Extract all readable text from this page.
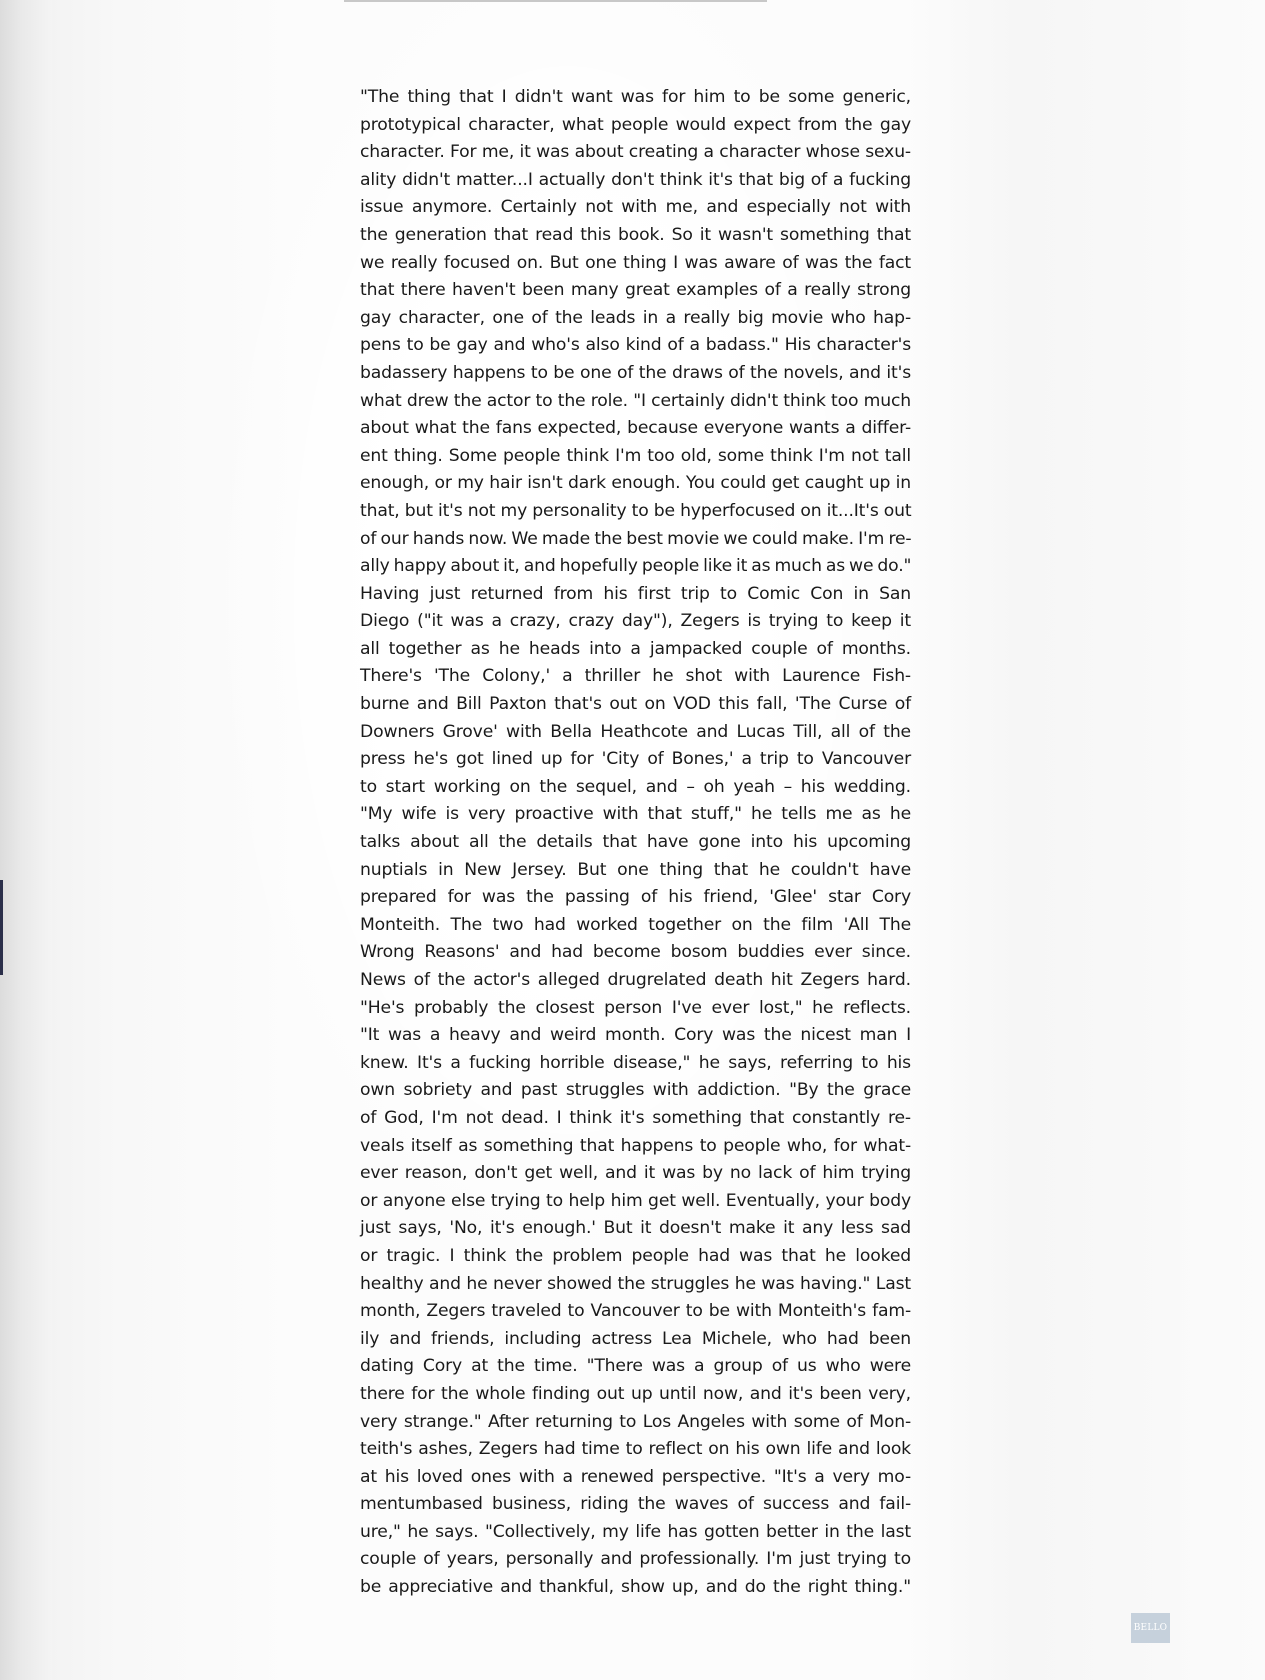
"The thing that I didn't want was for him to be some generic,
prototypical character, what people would expect from the gay
character. For me, it was about creating a character whose sexu-
ality didn't matter...I actually don't think it's that big of a fucking
issue anymore. Certainly not with me, and especially not with
the generation that read this book. So it wasn't something that
we really focused on. But one thing I was aware of was the fact
that there haven't been many great examples of a really strong
gay character, one of the leads in a really big movie who hap-
pens to be gay and who's also kind of a badass." His character's
badassery happens to be one of the draws of the novels, and it's
what drew the actor to the role. "I certainly didn't think too much
about what the fans expected, because everyone wants a differ-
ent thing. Some people think I'm too old, some think I'm not tall
enough, or my hair isn't dark enough. You could get caught up in
that, but it's not my personality to be hyperfocused on it...It's out
of our hands now. We made the best movie we could make. I'm re-
ally happy about it, and hopefully people like it as much as we do."
Having just returned from his first trip to Comic Con in San
Diego ("it was a crazy, crazy day"), Zegers is trying to keep it
all together as he heads into a jampacked couple of months.
There's 'The Colony,' a thriller he shot with Laurence Fish-
burne and Bill Paxton that's out on VOD this fall, 'The Curse of
Downers Grove' with Bella Heathcote and Lucas Till, all of the
press he's got lined up for 'City of Bones,' a trip to Vancouver
to start working on the sequel, and – oh yeah – his wedding.
"My wife is very proactive with that stuff," he tells me as he
talks about all the details that have gone into his upcoming
nuptials in New Jersey. But one thing that he couldn't have
prepared for was the passing of his friend, 'Glee' star Cory
Monteith. The two had worked together on the film 'All The
Wrong Reasons' and had become bosom buddies ever since.
News of the actor's alleged drugrelated death hit Zegers hard.
"He's probably the closest person I've ever lost," he reflects.
"It was a heavy and weird month. Cory was the nicest man I
knew. It's a fucking horrible disease," he says, referring to his
own sobriety and past struggles with addiction. "By the grace
of God, I'm not dead. I think it's something that constantly re-
veals itself as something that happens to people who, for what-
ever reason, don't get well, and it was by no lack of him trying
or anyone else trying to help him get well. Eventually, your body
just says, 'No, it's enough.' But it doesn't make it any less sad
or tragic. I think the problem people had was that he looked
healthy and he never showed the struggles he was having." Last
month, Zegers traveled to Vancouver to be with Monteith's fam-
ily and friends, including actress Lea Michele, who had been
dating Cory at the time. "There was a group of us who were
there for the whole finding out up until now, and it's been very,
very strange." After returning to Los Angeles with some of Mon-
teith's ashes, Zegers had time to reflect on his own life and look
at his loved ones with a renewed perspective. "It's a very mo-
mentumbased business, riding the waves of success and fail-
ure," he says. "Collectively, my life has gotten better in the last
couple of years, personally and professionally. I'm just trying to
be appreciative and thankful, show up, and do the right thing."
BELLO
